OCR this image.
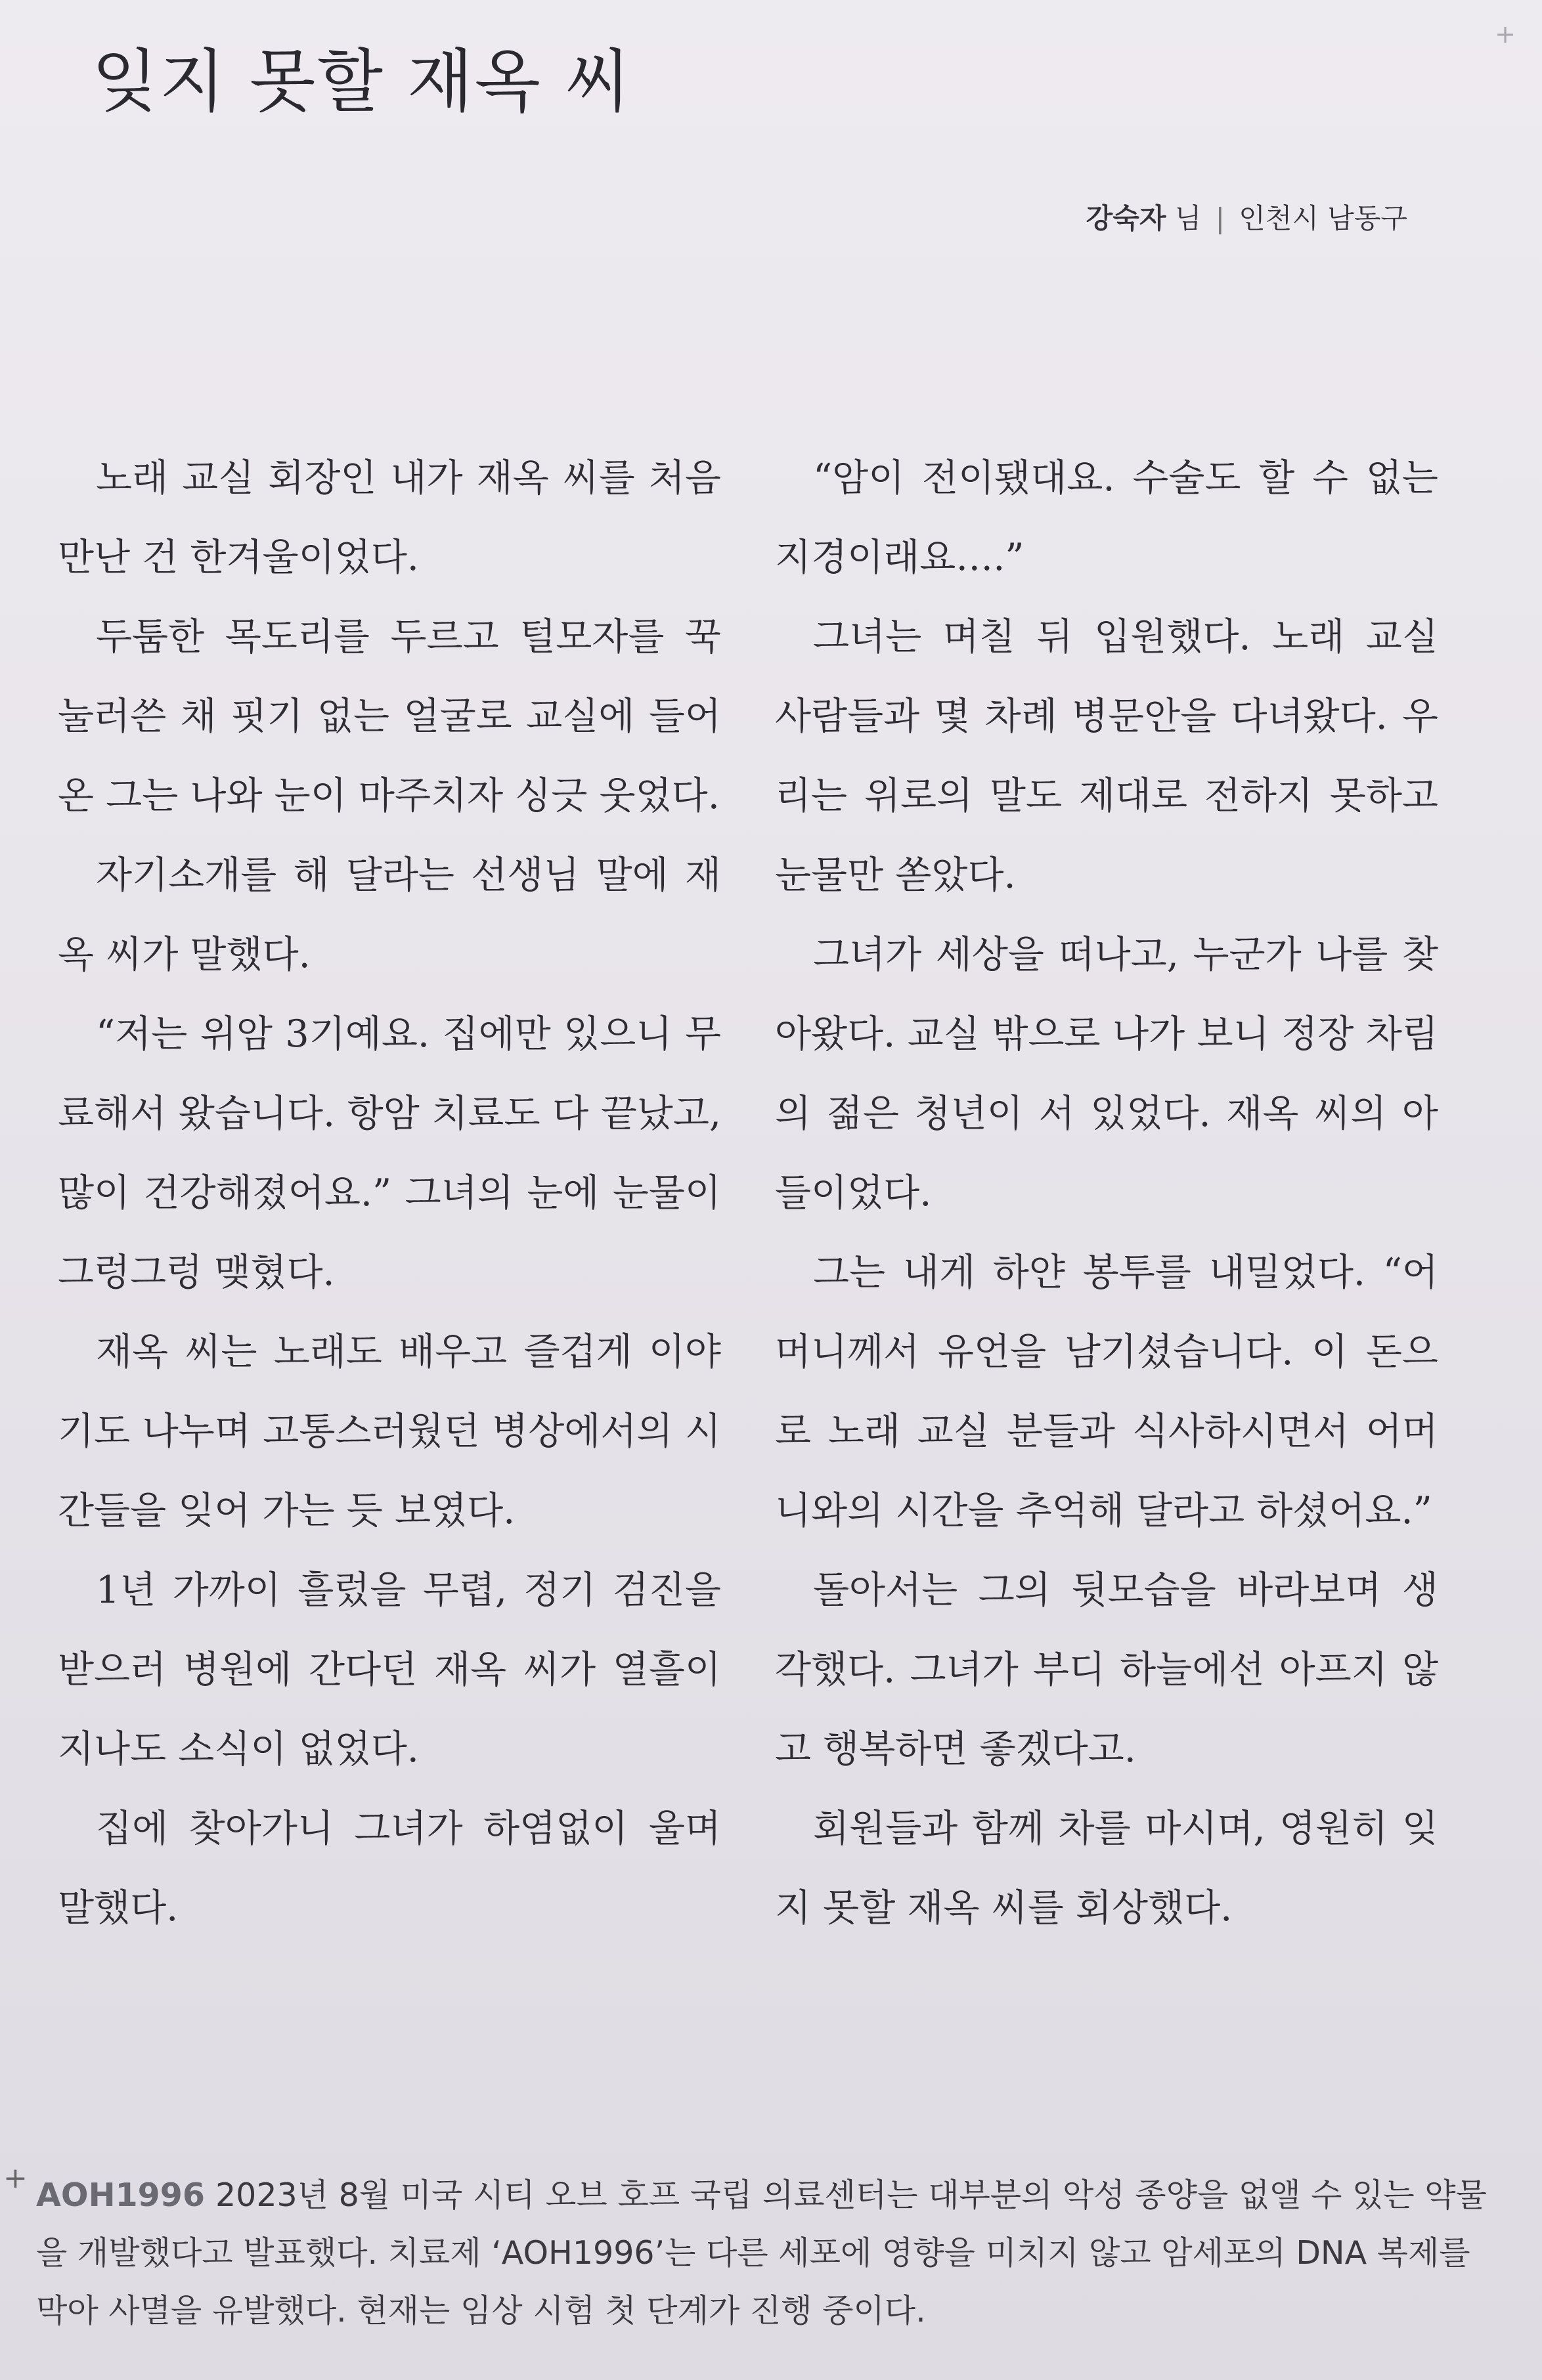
+
잊지 못할 재옥 씨
강숙자 님 | 인천시 남동구

노래 교실 회장인 내가 재옥 씨를 처음 만난 건 한겨울이었다.

두툼한 목도리를 두르고 털모자를 꾹 눌러쓴 채 핏기 없는 얼굴로 교실에 들어온 그는 나와 눈이 마주치자 싱긋 웃었다.

자기소개를 해 달라는 선생님 말에 재옥 씨가 말했다.

“저는 위암 3기예요. 집에만 있으니 무료해서 왔습니다. 항암 치료도 다 끝났고, 많이 건강해졌어요.” 그녀의 눈에 눈물이 그렁그렁 맺혔다.

재옥 씨는 노래도 배우고 즐겁게 이야기도 나누며 고통스러웠던 병상에서의 시간들을 잊어 가는 듯 보였다.

1년 가까이 흘렀을 무렵, 정기 검진을 받으러 병원에 간다던 재옥 씨가 열흘이 지나도 소식이 없었다.

집에 찾아가니 그녀가 하염없이 울며 말했다.

“암이 전이됐대요. 수술도 할 수 없는 지경이래요….”

그녀는 며칠 뒤 입원했다. 노래 교실 사람들과 몇 차례 병문안을 다녀왔다. 우리는 위로의 말도 제대로 전하지 못하고 눈물만 쏟았다.

그녀가 세상을 떠나고, 누군가 나를 찾아왔다. 교실 밖으로 나가 보니 정장 차림의 젊은 청년이 서 있었다. 재옥 씨의 아들이었다.

그는 내게 하얀 봉투를 내밀었다. “어머니께서 유언을 남기셨습니다. 이 돈으로 노래 교실 분들과 식사하시면서 어머니와의 시간을 추억해 달라고 하셨어요.”

돌아서는 그의 뒷모습을 바라보며 생각했다. 그녀가 부디 하늘에선 아프지 않고 행복하면 좋겠다고.

회원들과 함께 차를 마시며, 영원히 잊지 못할 재옥 씨를 회상했다.

+ AOH1996 2023년 8월 미국 시티 오브 호프 국립 의료센터는 대부분의 악성 종양을 없앨 수 있는 약물을 개발했다고 발표했다. 치료제 ‘AOH1996’는 다른 세포에 영향을 미치지 않고 암세포의 DNA 복제를 막아 사멸을 유발했다. 현재는 임상 시험 첫 단계가 진행 중이다.
